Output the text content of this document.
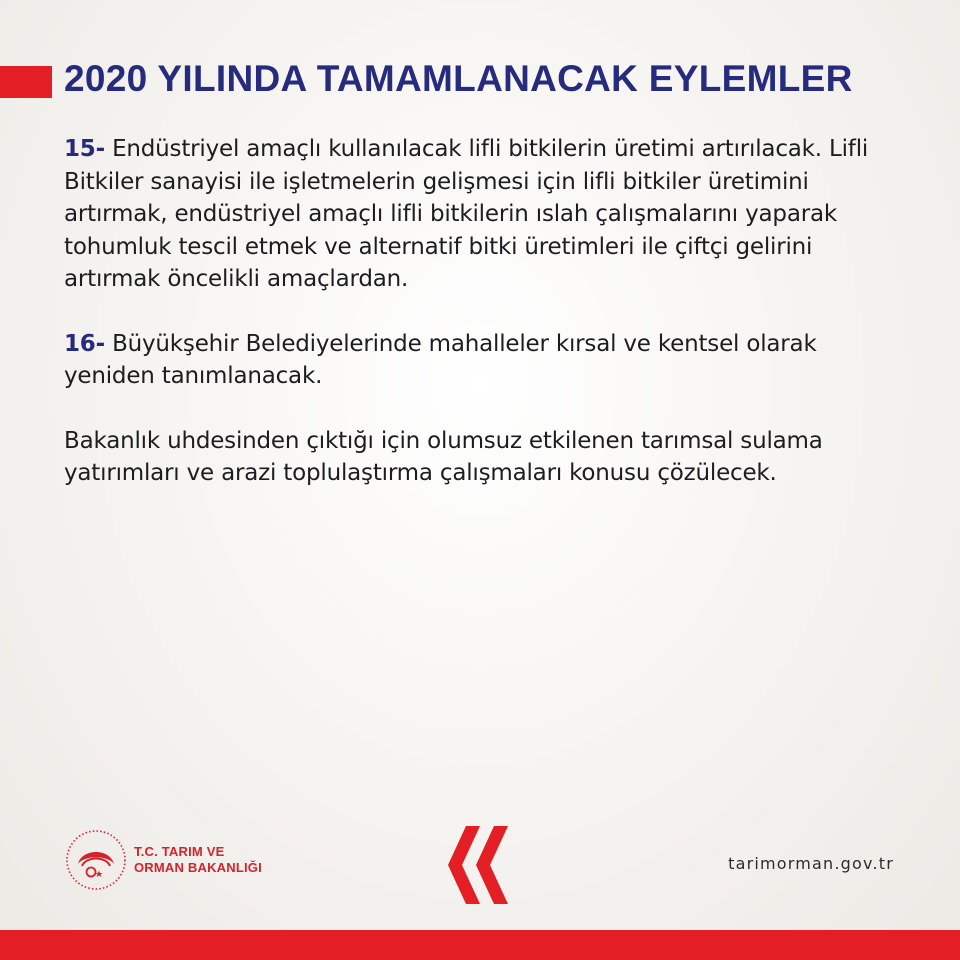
2020 YILINDA TAMAMLANACAK EYLEMLER

15- Endüstriyel amaçlı kullanılacak lifli bitkilerin üretimi artırılacak. Lifli Bitkiler sanayisi ile işletmelerin gelişmesi için lifli bitkiler üretimini artırmak, endüstriyel amaçlı lifli bitkilerin ıslah çalışmalarını yaparak tohumluk tescil etmek ve alternatif bitki üretimleri ile çiftçi gelirini artırmak öncelikli amaçlardan.

16- Büyükşehir Belediyelerinde mahalleler kırsal ve kentsel olarak yeniden tanımlanacak.

Bakanlık uhdesinden çıktığı için olumsuz etkilenen tarımsal sulama yatırımları ve arazi toplulaştırma çalışmaları konusu çözülecek.

T.C. TARIM VE
ORMAN BAKANLIĞI	tarimorman.gov.tr
